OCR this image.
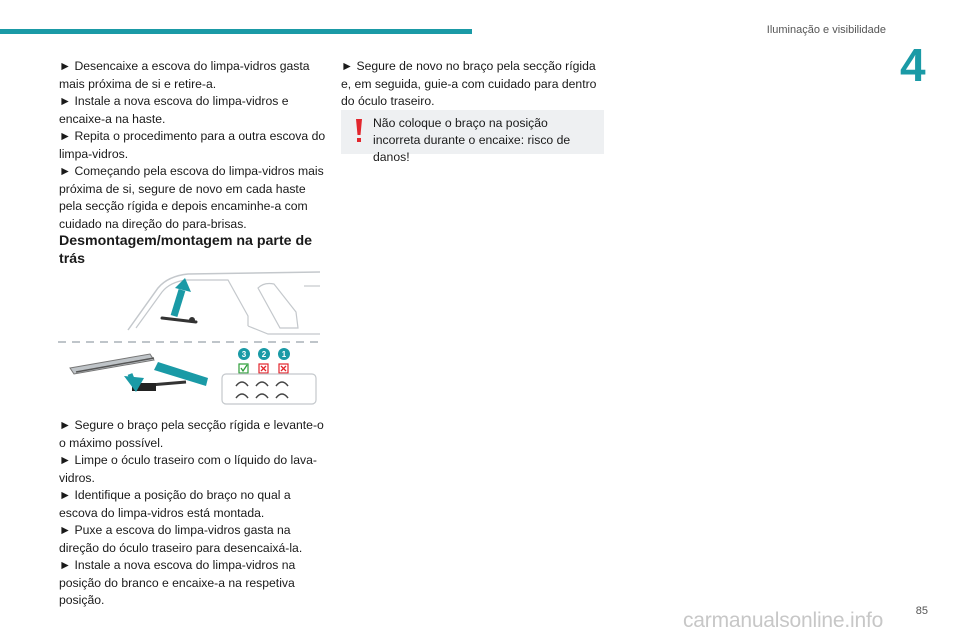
Iluminação e visibilidade
4

► Desencaixe a escova do limpa-vidros gasta mais próxima de si e retire-a.

► Instale a nova escova do limpa-vidros e encaixe-a na haste.

► Repita o procedimento para a outra escova do limpa-vidros.

► Começando pela escova do limpa-vidros mais próxima de si, segure de novo em cada haste pela secção rígida e depois encaminhe-a com cuidado na direção do para-brisas.

Desmontagem/montagem na parte de trás
3 2 1

► Segure o braço pela secção rígida e levante-o o máximo possível.

► Limpe o óculo traseiro com o líquido do lava-vidros.

► Identifique a posição do braço no qual a escova do limpa-vidros está montada.

► Puxe a escova do limpa-vidros gasta na direção do óculo traseiro para desencaixá-la.

► Instale a nova escova do limpa-vidros na posição do branco e encaixe-a na respetiva posição.

► Segure de novo no braço pela secção rígida e, em seguida, guie-a com cuidado para dentro do óculo traseiro.

Não coloque o braço na posição incorreta durante o encaixe: risco de danos!
85
carmanualsonline.info
